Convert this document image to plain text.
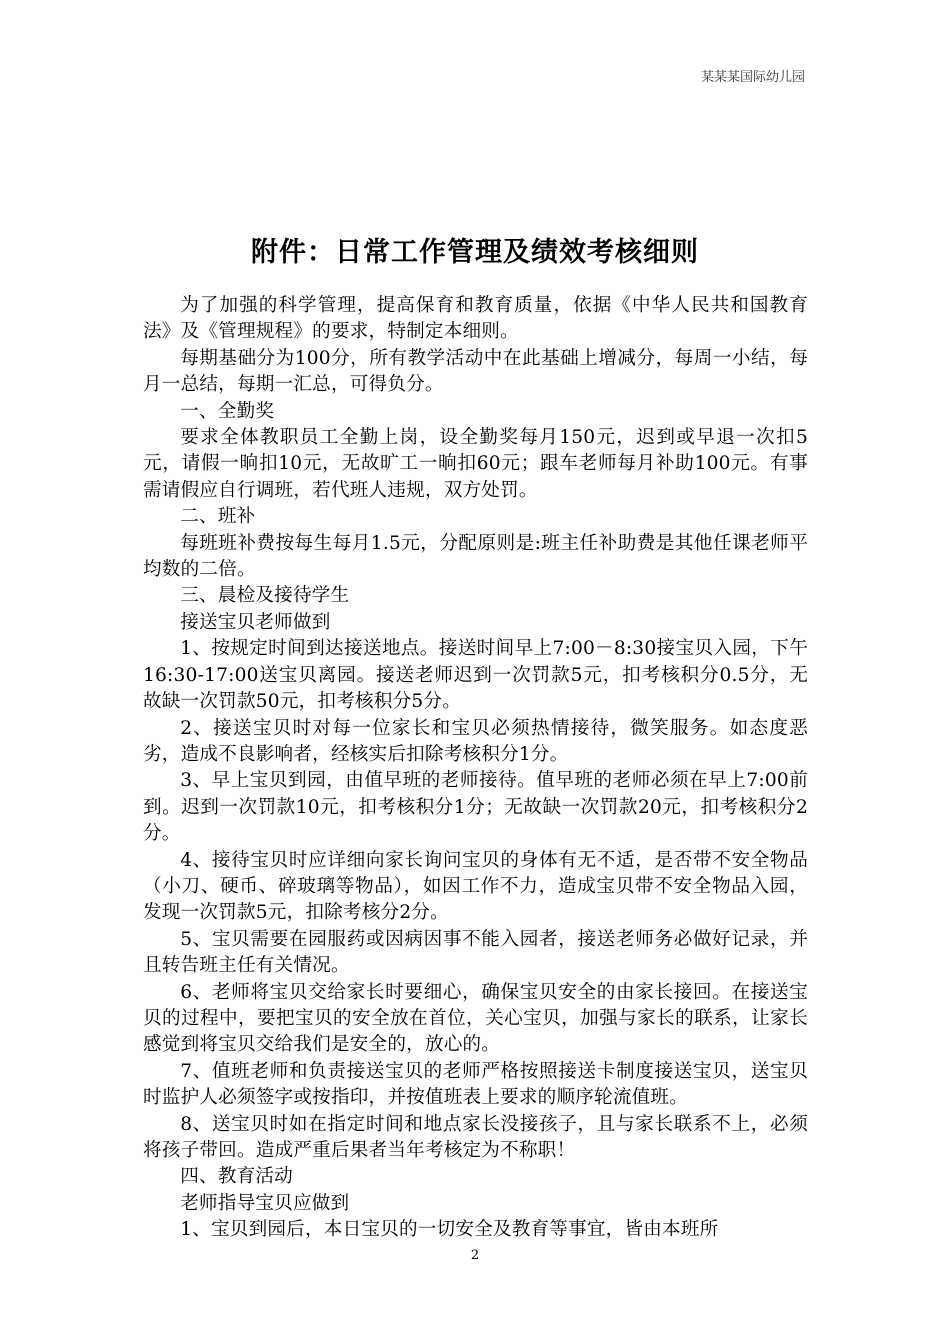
某某某国际幼儿园
附件：日常工作管理及绩效考核细则

为了加强的科学管理，提高保育和教育质量，依据《中华人民共和国教育法》及《管理规程》的要求，特制定本细则。

每期基础分为100分，所有教学活动中在此基础上增减分，每周一小结，每月一总结，每期一汇总，可得负分。

一、全勤奖

要求全体教职员工全勤上岗，设全勤奖每月150元，迟到或早退一次扣5元，请假一晌扣10元，无故旷工一晌扣60元；跟车老师每月补助100元。有事需请假应自行调班，若代班人违规，双方处罚。

二、班补

每班班补费按每生每月1.5元，分配原则是:班主任补助费是其他任课老师平均数的二倍。

三、晨检及接待学生

接送宝贝老师做到

1、按规定时间到达接送地点。接送时间早上7:00－8:30接宝贝入园，下午16:30-17:00送宝贝离园。接送老师迟到一次罚款5元，扣考核积分0.5分，无故缺一次罚款50元，扣考核积分5分。

2、接送宝贝时对每一位家长和宝贝必须热情接待，微笑服务。如态度恶劣，造成不良影响者，经核实后扣除考核积分1分。

3、早上宝贝到园，由值早班的老师接待。值早班的老师必须在早上7:00前到。迟到一次罚款10元，扣考核积分1分；无故缺一次罚款20元，扣考核积分2分。

4、接待宝贝时应详细向家长询问宝贝的身体有无不适，是否带不安全物品（小刀、硬币、碎玻璃等物品），如因工作不力，造成宝贝带不安全物品入园，发现一次罚款5元，扣除考核分2分。

5、宝贝需要在园服药或因病因事不能入园者，接送老师务必做好记录，并且转告班主任有关情况。

6、老师将宝贝交给家长时要细心，确保宝贝安全的由家长接回。在接送宝贝的过程中，要把宝贝的安全放在首位，关心宝贝，加强与家长的联系，让家长感觉到将宝贝交给我们是安全的，放心的。

7、值班老师和负责接送宝贝的老师严格按照接送卡制度接送宝贝，送宝贝时监护人必须签字或按指印，并按值班表上要求的顺序轮流值班。

8、送宝贝时如在指定时间和地点家长没接孩子，且与家长联系不上，必须将孩子带回。造成严重后果者当年考核定为不称职！

四、教育活动

老师指导宝贝应做到

1、宝贝到园后，本日宝贝的一切安全及教育等事宜，皆由本班所

2
